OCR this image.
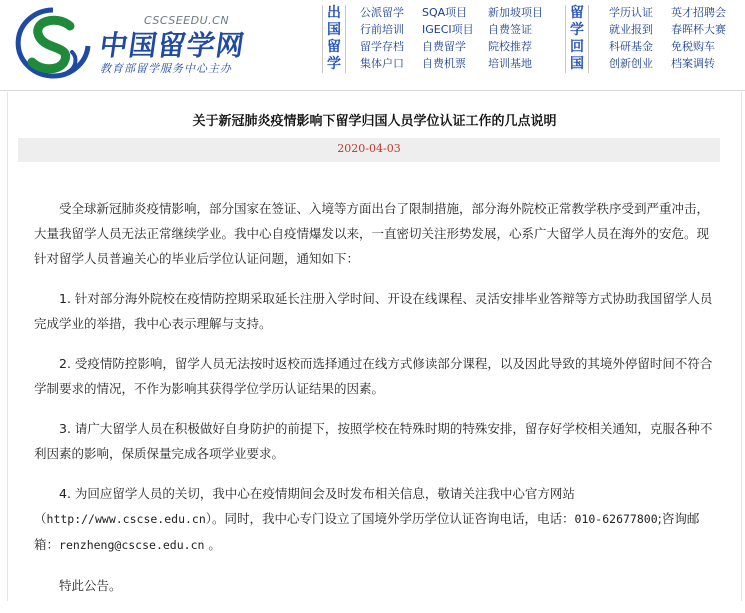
CSCSEEDU.CN
中国留学网
教育部留学服务中心主办
出
国
留
学
公派留学	SQA项目	新加坡项目
行前培训	IGECI项目	自费签证
留学存档	自费留学	院校推荐
集体户口	自费机票	培训基地
留
学
回
国
学历认证	英才招聘会
就业报到	春晖杯大赛
科研基金	免税购车
创新创业	档案调转
关于新冠肺炎疫情影响下留学归国人员学位认证工作的几点说明
2020-04-03

受全球新冠肺炎疫情影响，部分国家在签证、入境等方面出台了限制措施，部分海外院校正常教学秩序受到严重冲击，大量我留学人员无法正常继续学业。我中心自疫情爆发以来，一直密切关注形势发展，心系广大留学人员在海外的安危。现针对留学人员普遍关心的毕业后学位认证问题，通知如下：

1. 针对部分海外院校在疫情防控期采取延长注册入学时间、开设在线课程、灵活安排毕业答辩等方式协助我国留学人员完成学业的举措，我中心表示理解与支持。

2. 受疫情防控影响，留学人员无法按时返校而选择通过在线方式修读部分课程，以及因此导致的其境外停留时间不符合学制要求的情况，不作为影响其获得学位学历认证结果的因素。

3. 请广大留学人员在积极做好自身防护的前提下，按照学校在特殊时期的特殊安排，留存好学校相关通知，克服各种不利因素的影响，保质保量完成各项学业要求。

4. 为回应留学人员的关切，我中心在疫情期间会及时发布相关信息，敬请关注我中心官方网站（http://www.cscse.edu.cn）。同时，我中心专门设立了国境外学历学位认证咨询电话，电话：010-62677800;咨询邮箱：renzheng@cscse.edu.cn 。

特此公告。
